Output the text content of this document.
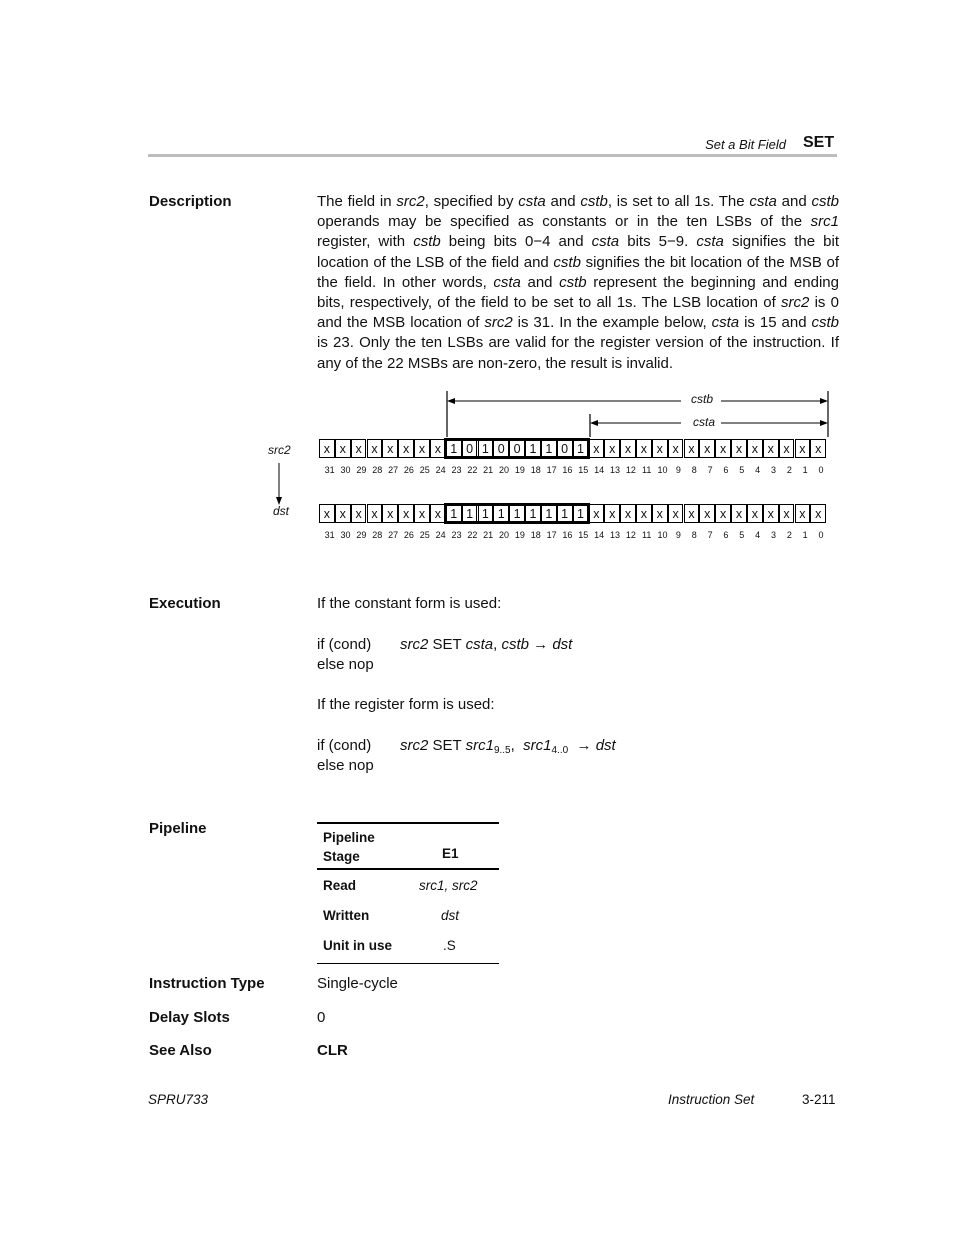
Set a Bit Field SET
Description	The field in src2, specified by csta and cstb, is set to all 1s. The csta and cstb operands may be specified as constants or in the ten LSBs of the src1 register, with cstb being bits 0−4 and csta bits 5−9. csta signifies the bit location of the LSB of the field and cstb signifies the bit location of the MSB of the field. In other words, csta and cstb represent the beginning and ending bits, respectively, of the field to be set to all 1s. The LSB location of src2 is 0 and the MSB location of src2 is 31. In the example below, csta is 15 and cstb is 23. Only the ten LSBs are valid for the register version of the instruction. If any of the 22 MSBs are non-zero, the result is invalid.

cstb
csta
src2
dst
x x x x x x x x 1 0 1 0 0 1 1 0 1 x x x x x x x x x x x x x x x
31 30 29 28 27 26 25 24 23 22 21 20 19 18 17 16 15 14 13 12 11 10 9	8	7	6	5	4	3	2	1	0
x x x x x x x x 1 1 1 1 1 1 1 1 1 x x x x x x x x x x x x x x x
31 30 29 28 27 26 25 24 23 22 21 20 19 18 17 16 15 14 13 12 11 10 9	8	7	6	5	4	3	2	1	0
Execution	If the constant form is used:
if (cond) src2 SET csta, cstb → dst
else nop
If the register form is used:
if (cond) src2 SET $src1_{9..5}$, $src1_{4..0}$ → dst
else nop
Pipeline
Pipeline
Stage	E1
Read	src1, src2
Written	dst
Unit in use	.S
Instruction Type	Single-cycle
Delay Slots	0
See Also	CLR
SPRU733	Instruction Set	3-211
